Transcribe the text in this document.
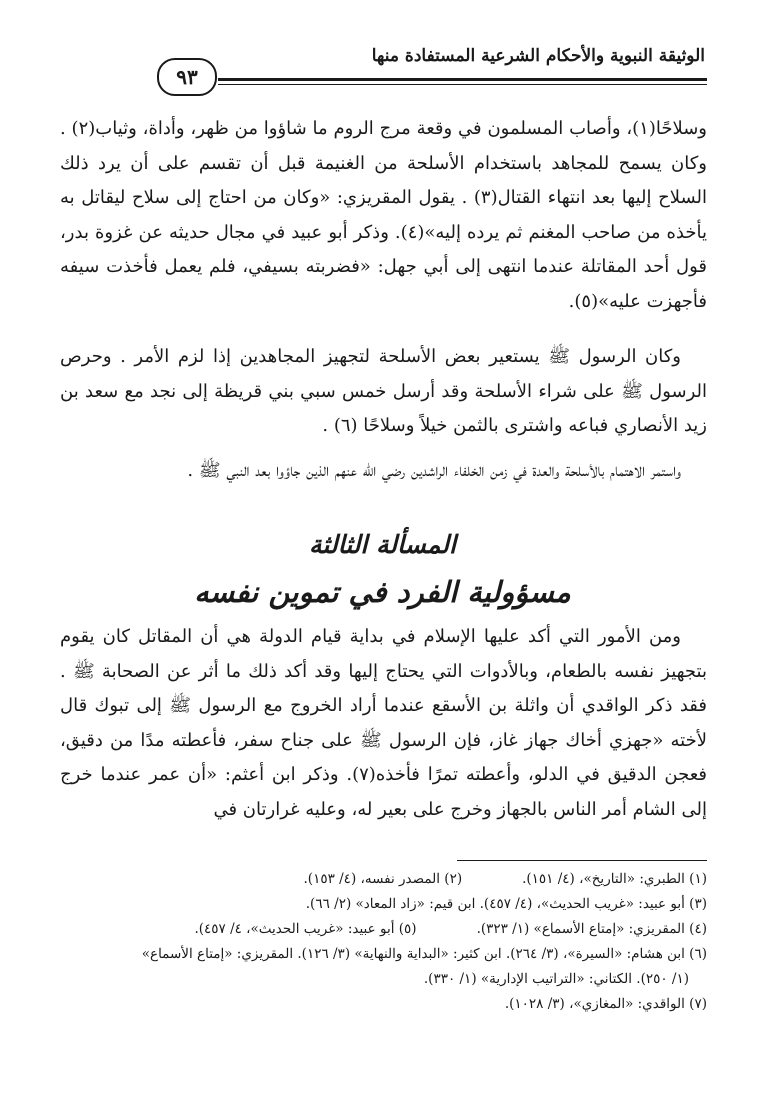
الوثيقة النبوية والأحكام الشرعية المستفادة منها
٩٣

وسلاحًا(١)، وأصاب المسلمون في وقعة مرج الروم ما شاؤوا من ظهر، وأداة، وثياب(٢) . وكان يسمح للمجاهد باستخدام الأسلحة من الغنيمة قبل أن تقسم على أن يرد ذلك السلاح إليها بعد انتهاء القتال(٣) . يقول المقريزي: «وكان من احتاج إلى سلاح ليقاتل به يأخذه من صاحب المغنم ثم يرده إليه»(٤). وذكر أبو عبيد في مجال حديثه عن غزوة بدر، قول أحد المقاتلة عندما انتهى إلى أبي جهل: «فضربته بسيفي، فلم يعمل فأخذت سيفه فأجهزت عليه»(٥).

وكان الرسول ﷺ يستعير بعض الأسلحة لتجهيز المجاهدين إذا لزم الأمر . وحرص الرسول ﷺ على شراء الأسلحة وقد أرسل خمس سبي بني قريظة إلى نجد مع سعد بن زيد الأنصاري فباعه واشترى بالثمن خيلاً وسلاحًا (٦) .

واستمر الاهتمام بالأسلحة والعدة في زمن الخلفاء الراشدين رضي الله عنهم الذين جاؤوا بعد النبي ﷺ .

المسألة الثالثة
مسؤولية الفرد في تموين نفسه

ومن الأمور التي أكد عليها الإسلام في بداية قيام الدولة هي أن المقاتل كان يقوم بتجهيز نفسه بالطعام، وبالأدوات التي يحتاج إليها وقد أكد ذلك ما أثر عن الصحابة ﷺ . فقد ذكر الواقدي أن واثلة بن الأسقع عندما أراد الخروج مع الرسول ﷺ إلى تبوك قال لأخته «جهزي أخاك جهاز غاز، فإن الرسول ﷺ على جناح سفر، فأعطته مدًا من دقيق، فعجن الدقيق في الدلو، وأعطته تمرًا فأخذه(٧). وذكر ابن أعثم: «أن عمر عندما خرج إلى الشام أمر الناس بالجهاز وخرج على بعير له، وعليه غرارتان في

(١) الطبري: «التاريخ»، (٤/ ١٥١).(٢) المصدر نفسه، (٤/ ١٥٣).
(٣) أبو عبيد: «غريب الحديث»، (٤/ ٤٥٧). ابن قيم: «زاد المعاد» (٢/ ٦٦).
(٤) المقريزي: «إمتاع الأسماع» (١/ ٣٢٣).(٥) أبو عبيد: «غريب الحديث»، ٤/ ٤٥٧).
(٦) ابن هشام: «السيرة»، (٣/ ٢٦٤). ابن كثير: «البداية والنهاية» (٣/ ١٢٦). المقريزي: «إمتاع الأسماع»
(١/ ٢٥٠). الكتاني: «التراتيب الإدارية» (١/ ٣٣٠).
(٧) الواقدي: «المغازي»، (٣/ ١٠٢٨).
